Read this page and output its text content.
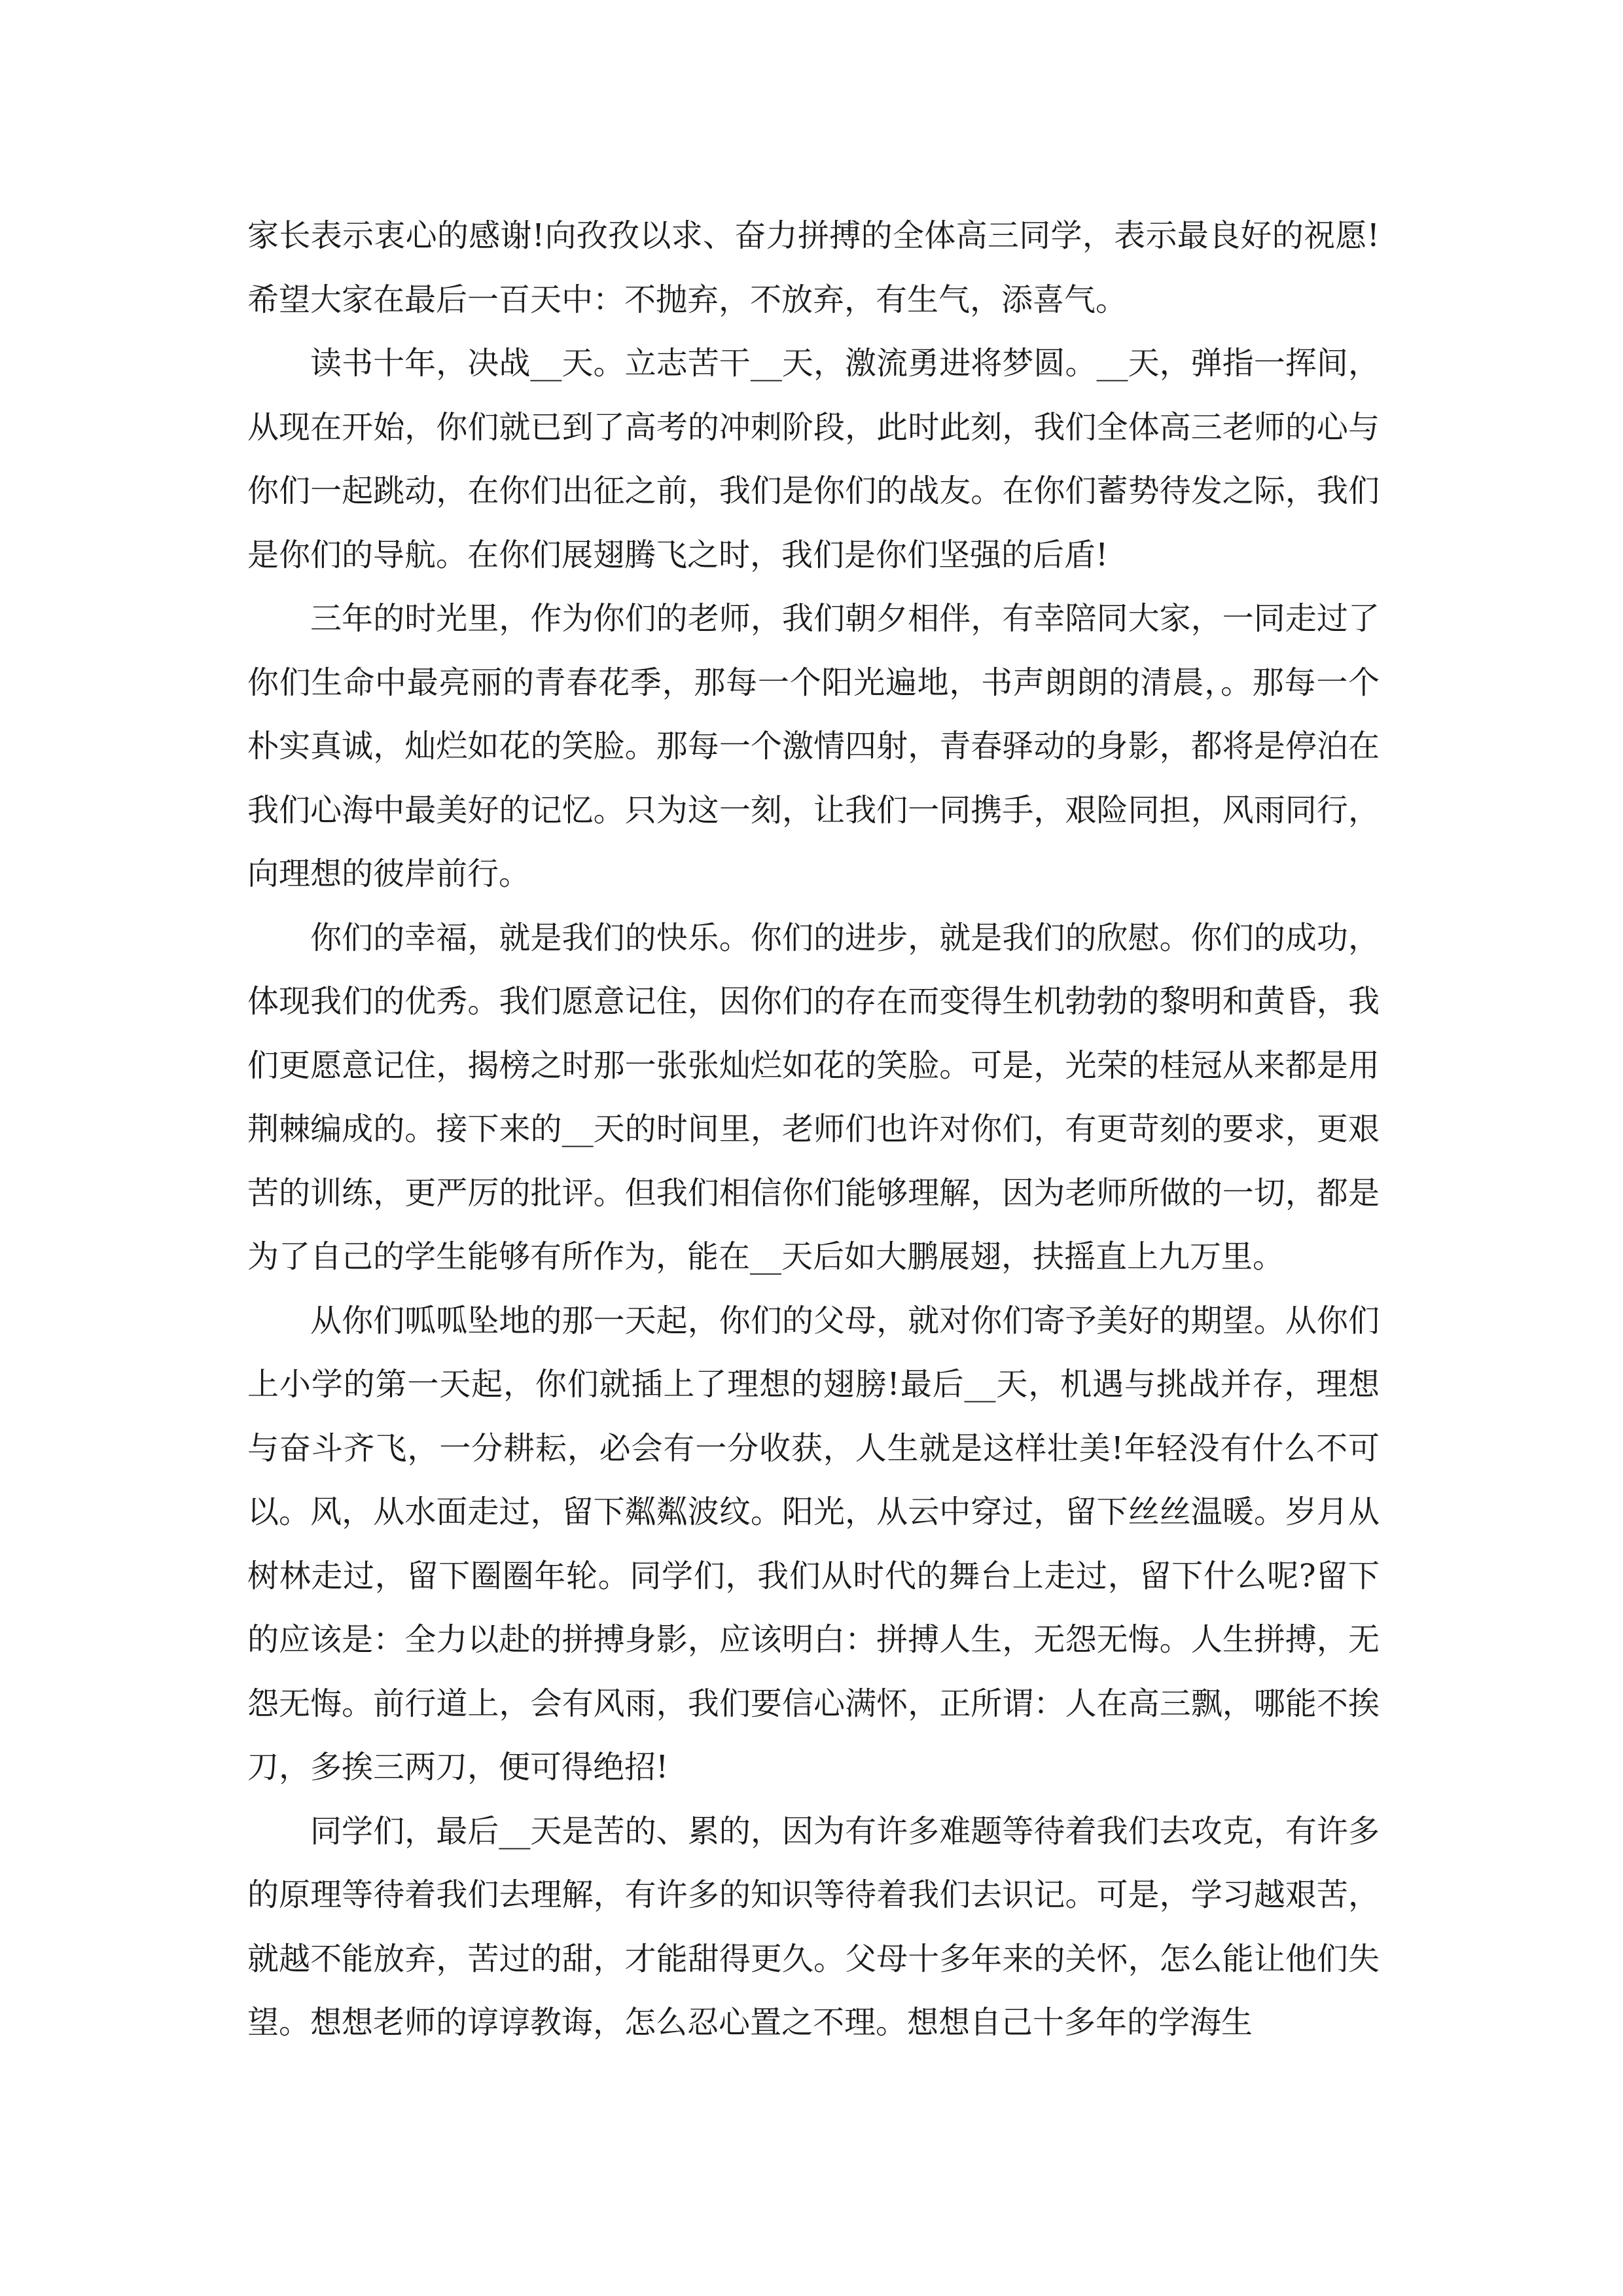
家长表示衷心的感谢!向孜孜以求、奋力拼搏的全体高三同学，表示最良好的祝愿!希望大家在最后一百天中：不抛弃，不放弃，有生气，添喜气。

读书十年，决战__天。立志苦干__天，激流勇进将梦圆。__天，弹指一挥间，从现在开始，你们就已到了高考的冲刺阶段，此时此刻，我们全体高三老师的心与你们一起跳动，在你们出征之前，我们是你们的战友。在你们蓄势待发之际，我们是你们的导航。在你们展翅腾飞之时，我们是你们坚强的后盾!

三年的时光里，作为你们的老师，我们朝夕相伴，有幸陪同大家，一同走过了你们生命中最亮丽的青春花季，那每一个阳光遍地，书声朗朗的清晨，。那每一个朴实真诚，灿烂如花的笑脸。那每一个激情四射，青春驿动的身影，都将是停泊在我们心海中最美好的记忆。只为这一刻，让我们一同携手，艰险同担，风雨同行，向理想的彼岸前行。

你们的幸福，就是我们的快乐。你们的进步，就是我们的欣慰。你们的成功，体现我们的优秀。我们愿意记住，因你们的存在而变得生机勃勃的黎明和黄昏，我们更愿意记住，揭榜之时那一张张灿烂如花的笑脸。可是，光荣的桂冠从来都是用荆棘编成的。接下来的__天的时间里，老师们也许对你们，有更苛刻的要求，更艰苦的训练，更严厉的批评。但我们相信你们能够理解，因为老师所做的一切，都是为了自己的学生能够有所作为，能在__天后如大鹏展翅，扶摇直上九万里。

从你们呱呱坠地的那一天起，你们的父母，就对你们寄予美好的期望。从你们上小学的第一天起，你们就插上了理想的翅膀!最后__天，机遇与挑战并存，理想与奋斗齐飞，一分耕耘，必会有一分收获，人生就是这样壮美!年轻没有什么不可以。风，从水面走过，留下粼粼波纹。阳光，从云中穿过，留下丝丝温暖。岁月从树林走过，留下圈圈年轮。同学们，我们从时代的舞台上走过，留下什么呢?留下的应该是：全力以赴的拼搏身影，应该明白：拼搏人生，无怨无悔。人生拼搏，无怨无悔。前行道上，会有风雨，我们要信心满怀，正所谓：人在高三飘，哪能不挨刀，多挨三两刀，便可得绝招!

同学们，最后__天是苦的、累的，因为有许多难题等待着我们去攻克，有许多的原理等待着我们去理解，有许多的知识等待着我们去识记。可是，学习越艰苦，就越不能放弃，苦过的甜，才能甜得更久。父母十多年来的关怀，怎么能让他们失望。想想老师的谆谆教诲，怎么忍心置之不理。想想自己十多年的学海生
